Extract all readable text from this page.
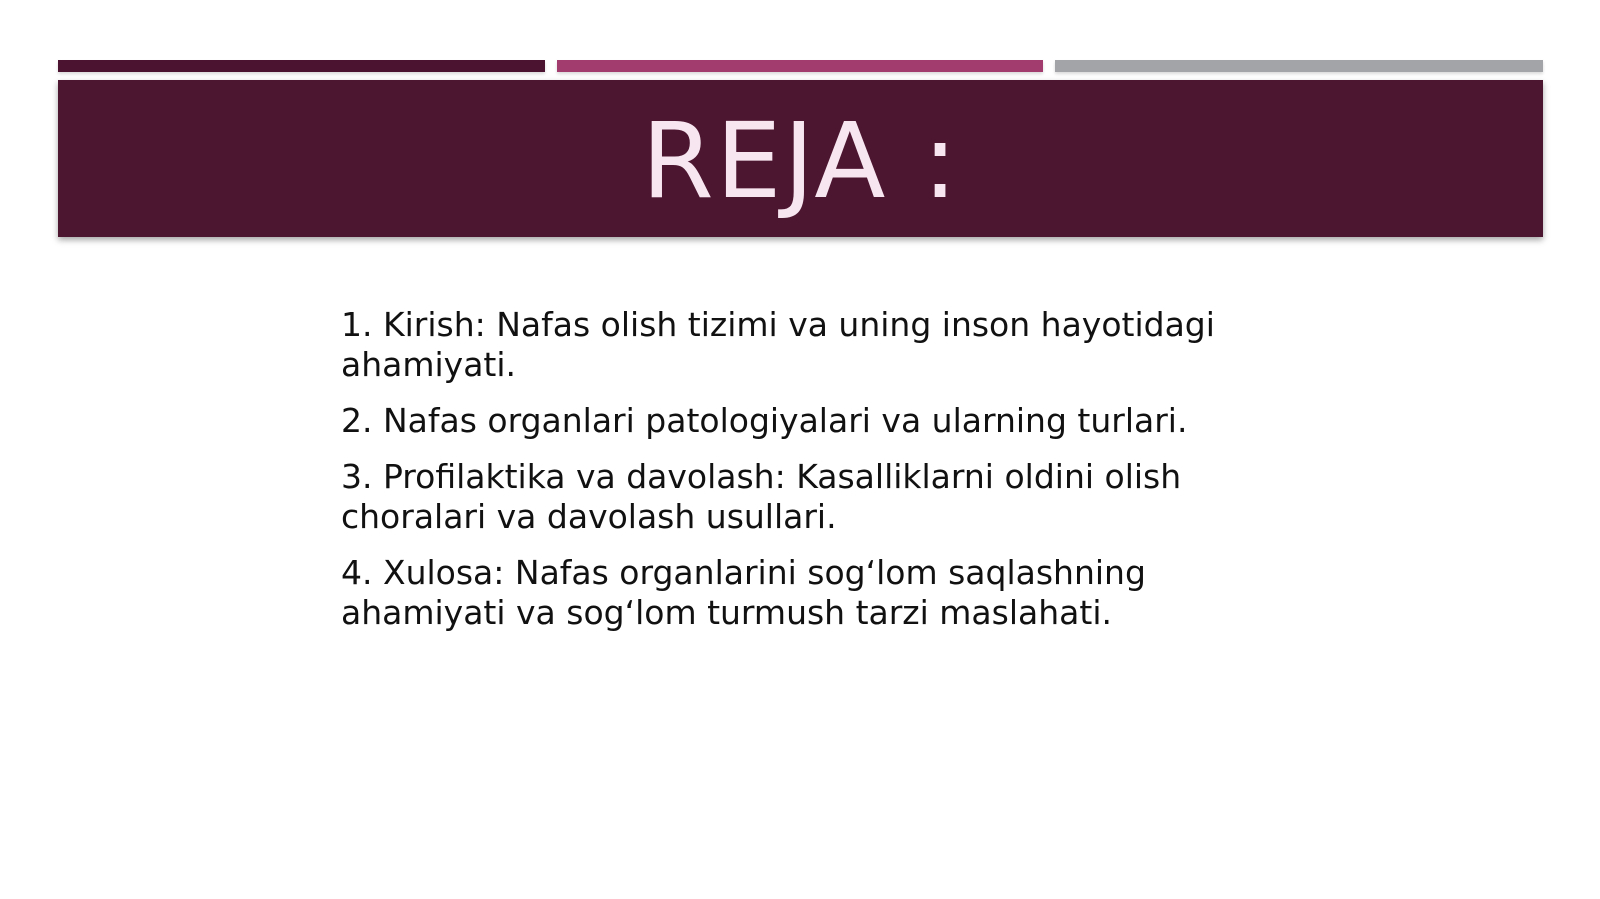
REJA :

1. Kirish: Nafas olish tizimi va uning inson hayotidagi ahamiyati.

2. Nafas organlari patologiyalari va ularning turlari.

3. Profilaktika va davolash: Kasalliklarni oldini olish choralari va davolash usullari.

4. Xulosa: Nafas organlarini sog‘lom saqlashning ahamiyati va sog‘lom turmush tarzi maslahati.
